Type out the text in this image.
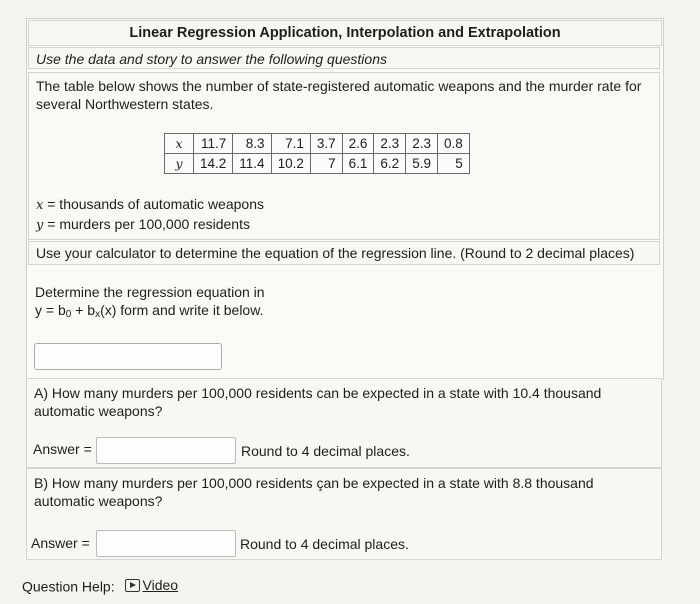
Linear Regression Application, Interpolation and Extrapolation
Use the data and story to answer the following questions
The table below shows the number of state-registered automatic weapons and the murder rate for several Northwestern states.
x	11.7	8.3	7.1	3.7	2.6	2.3	2.3	0.8
y	14.2	11.4	10.2	7	6.1	6.2	5.9	5
x = thousands of automatic weapons
y = murders per 100,000 residents
Use your calculator to determine the equation of the regression line. (Round to 2 decimal places)
Determine the regression equation in
$y = b_0 + b_x(x)$ form and write it below.
A) How many murders per 100,000 residents can be expected in a state with 10.4 thousand automatic weapons?
Answer =	Round to 4 decimal places.
B) How many murders per 100,000 residents çan be expected in a state with 8.8 thousand automatic weapons?
Answer =	Round to 4 decimal places.
Question Help: Video
